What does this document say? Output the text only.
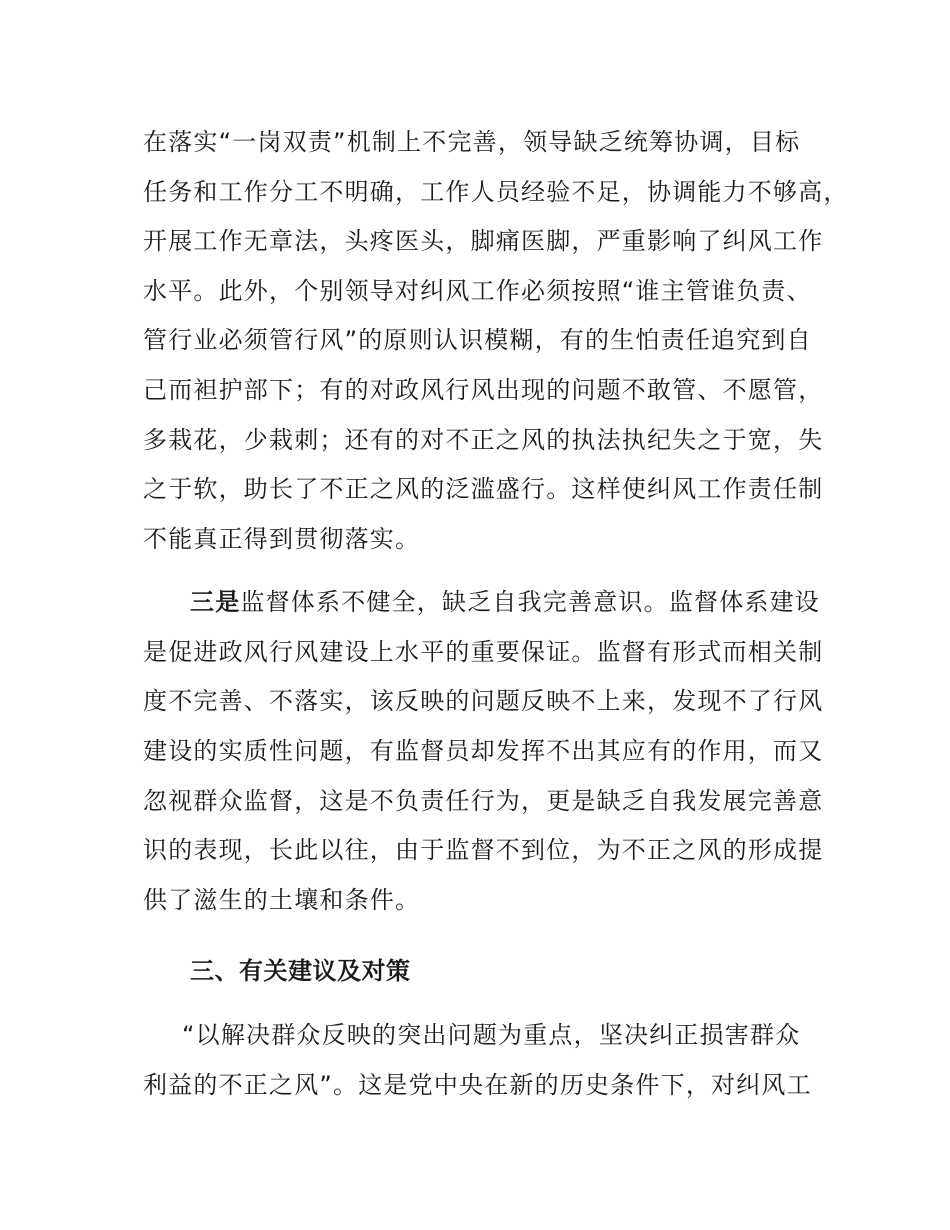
在落实“一岗双责”机制上不完善，领导缺乏统筹协调，目标
任务和工作分工不明确，工作人员经验不足，协调能力不够高，
开展工作无章法，头疼医头，脚痛医脚，严重影响了纠风工作
水平。此外，个别领导对纠风工作必须按照“谁主管谁负责、
管行业必须管行风”的原则认识模糊，有的生怕责任追究到自
己而袒护部下；有的对政风行风出现的问题不敢管、不愿管，
多栽花，少栽刺；还有的对不正之风的执法执纪失之于宽，失
之于软，助长了不正之风的泛滥盛行。这样使纠风工作责任制
不能真正得到贯彻落实。
三是监督体系不健全，缺乏自我完善意识。监督体系建设
是促进政风行风建设上水平的重要保证。监督有形式而相关制
度不完善、不落实，该反映的问题反映不上来，发现不了行风
建设的实质性问题，有监督员却发挥不出其应有的作用，而又
忽视群众监督，这是不负责任行为，更是缺乏自我发展完善意
识的表现，长此以往，由于监督不到位，为不正之风的形成提
供了滋生的土壤和条件。
三、有关建议及对策
“以解决群众反映的突出问题为重点，坚决纠正损害群众
利益的不正之风”。这是党中央在新的历史条件下，对纠风工
